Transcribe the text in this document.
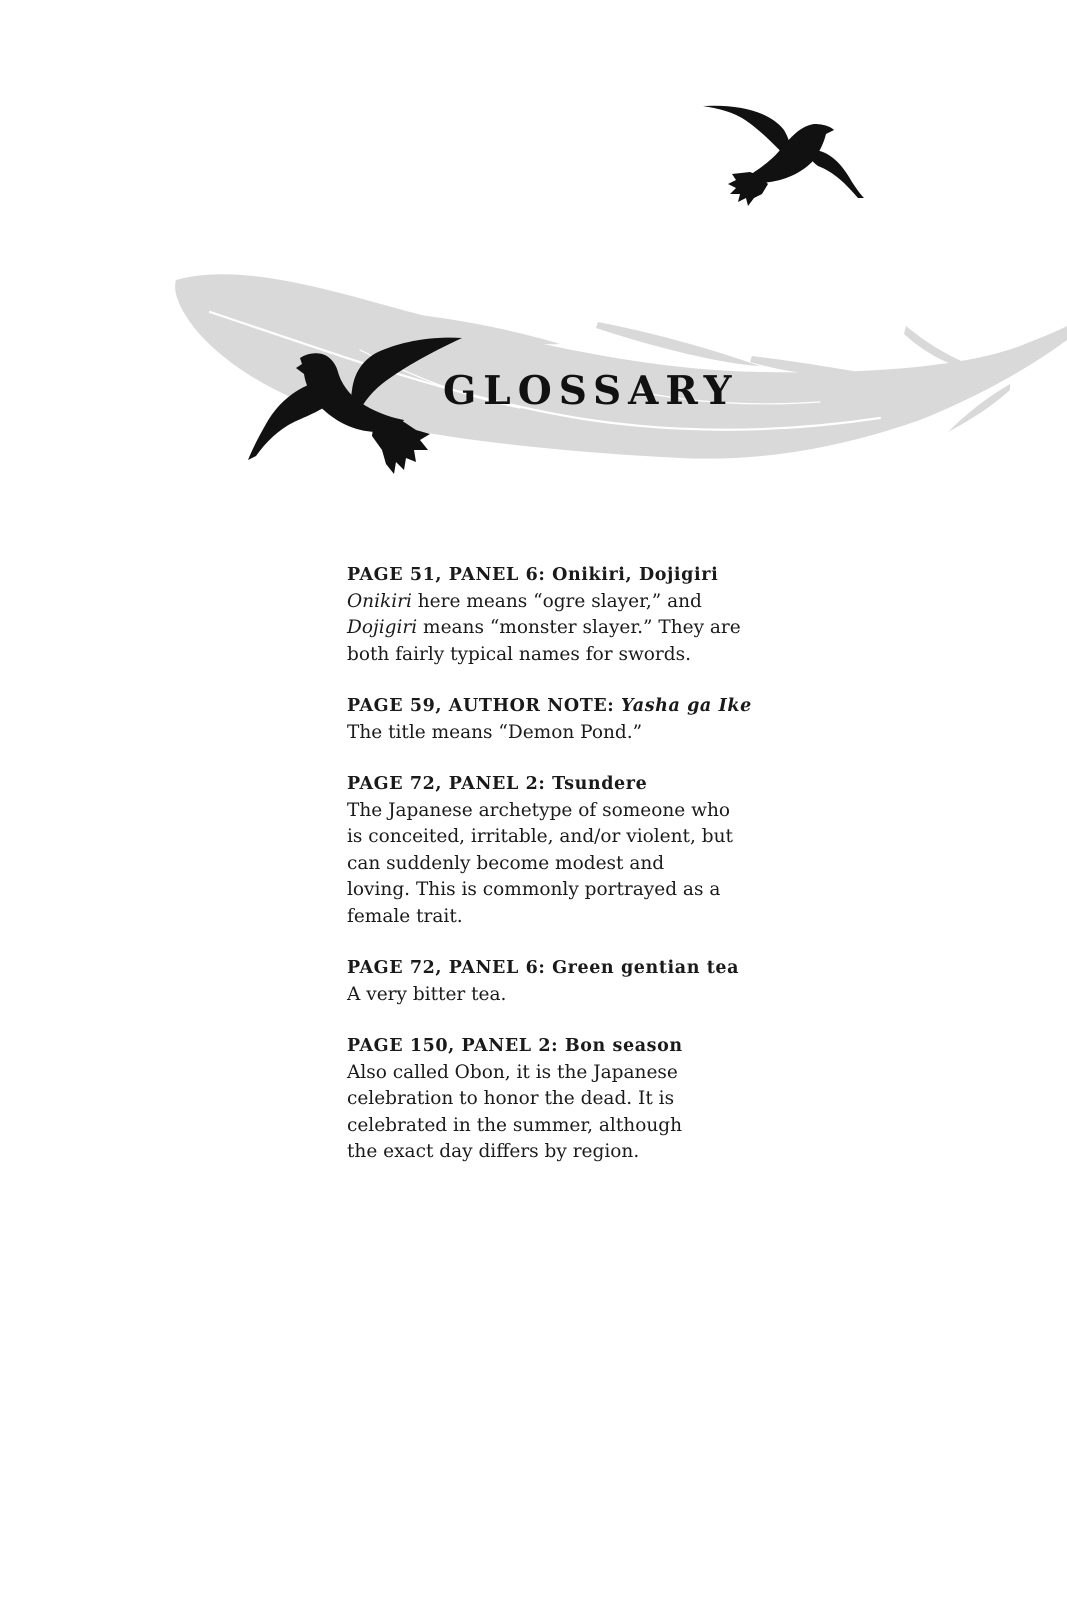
GLOSSARY
PAGE 51, PANEL 6: Onikiri, Dojigiri
Onikiri here means “ogre slayer,” and
Dojigiri means “monster slayer.” They are
both fairly typical names for swords.
PAGE 59, AUTHOR NOTE: Yasha ga Ike
The title means “Demon Pond.”
PAGE 72, PANEL 2: Tsundere
The Japanese archetype of someone who
is conceited, irritable, and/or violent, but
can suddenly become modest and
loving. This is commonly portrayed as a
female trait.
PAGE 72, PANEL 6: Green gentian tea
A very bitter tea.
PAGE 150, PANEL 2: Bon season
Also called Obon, it is the Japanese
celebration to honor the dead. It is
celebrated in the summer, although
the exact day differs by region.
